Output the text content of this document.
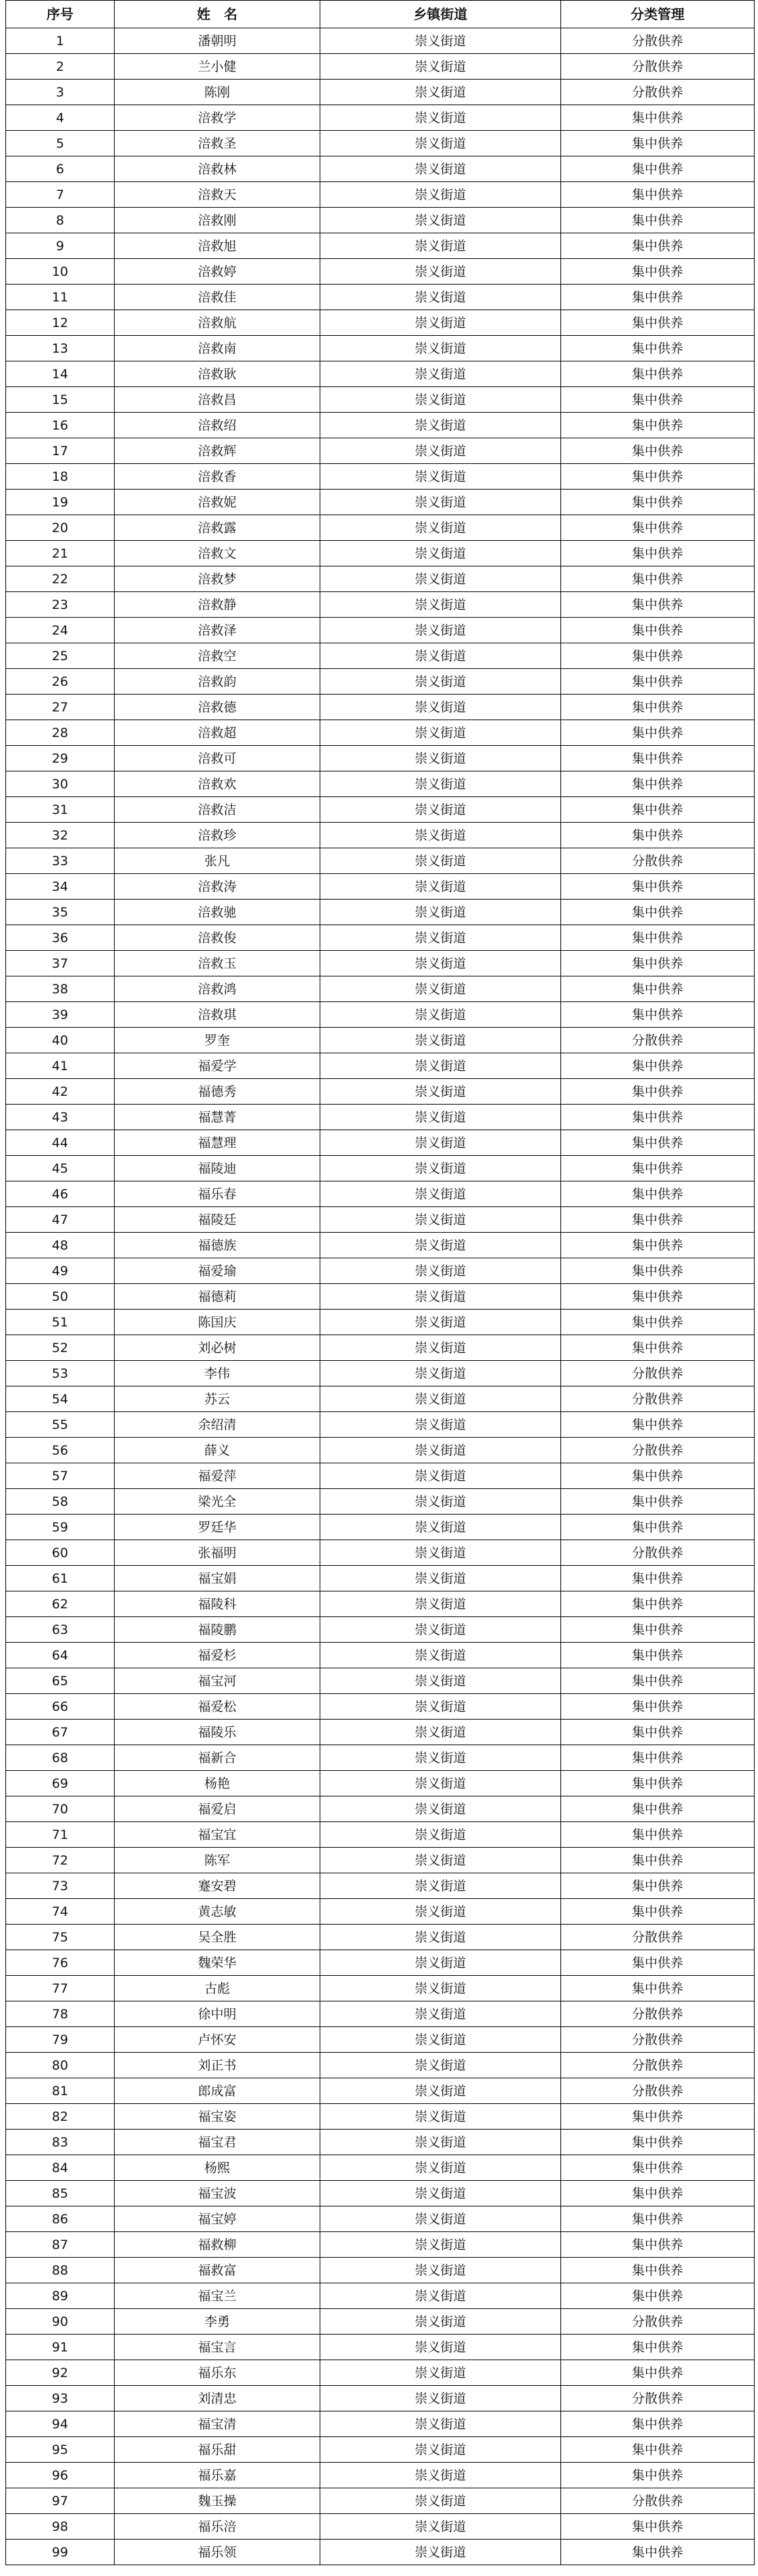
序号	姓　名	乡镇街道	分类管理
1	潘朝明	崇义街道	分散供养
2	兰小健	崇义街道	分散供养
3	陈刚	崇义街道	分散供养
4	涪救学	崇义街道	集中供养
5	涪救圣	崇义街道	集中供养
6	涪救林	崇义街道	集中供养
7	涪救天	崇义街道	集中供养
8	涪救刚	崇义街道	集中供养
9	涪救旭	崇义街道	集中供养
10	涪救婷	崇义街道	集中供养
11	涪救佳	崇义街道	集中供养
12	涪救航	崇义街道	集中供养
13	涪救南	崇义街道	集中供养
14	涪救耿	崇义街道	集中供养
15	涪救昌	崇义街道	集中供养
16	涪救绍	崇义街道	集中供养
17	涪救辉	崇义街道	集中供养
18	涪救香	崇义街道	集中供养
19	涪救妮	崇义街道	集中供养
20	涪救露	崇义街道	集中供养
21	涪救文	崇义街道	集中供养
22	涪救梦	崇义街道	集中供养
23	涪救静	崇义街道	集中供养
24	涪救泽	崇义街道	集中供养
25	涪救空	崇义街道	集中供养
26	涪救韵	崇义街道	集中供养
27	涪救德	崇义街道	集中供养
28	涪救超	崇义街道	集中供养
29	涪救可	崇义街道	集中供养
30	涪救欢	崇义街道	集中供养
31	涪救洁	崇义街道	集中供养
32	涪救珍	崇义街道	集中供养
33	张凡	崇义街道	分散供养
34	涪救涛	崇义街道	集中供养
35	涪救驰	崇义街道	集中供养
36	涪救俊	崇义街道	集中供养
37	涪救玉	崇义街道	集中供养
38	涪救鸿	崇义街道	集中供养
39	涪救琪	崇义街道	集中供养
40	罗奎	崇义街道	分散供养
41	福爱学	崇义街道	集中供养
42	福德秀	崇义街道	集中供养
43	福慧菁	崇义街道	集中供养
44	福慧理	崇义街道	集中供养
45	福陵迪	崇义街道	集中供养
46	福乐春	崇义街道	集中供养
47	福陵廷	崇义街道	集中供养
48	福德族	崇义街道	集中供养
49	福爱瑜	崇义街道	集中供养
50	福德莉	崇义街道	集中供养
51	陈国庆	崇义街道	集中供养
52	刘必树	崇义街道	集中供养
53	李伟	崇义街道	分散供养
54	苏云	崇义街道	分散供养
55	余绍清	崇义街道	集中供养
56	薛义	崇义街道	分散供养
57	福爱萍	崇义街道	集中供养
58	梁光全	崇义街道	集中供养
59	罗廷华	崇义街道	集中供养
60	张福明	崇义街道	分散供养
61	福宝娟	崇义街道	集中供养
62	福陵科	崇义街道	集中供养
63	福陵鹏	崇义街道	集中供养
64	福爱杉	崇义街道	集中供养
65	福宝河	崇义街道	集中供养
66	福爱松	崇义街道	集中供养
67	福陵乐	崇义街道	集中供养
68	福新合	崇义街道	集中供养
69	杨艳	崇义街道	集中供养
70	福爱启	崇义街道	集中供养
71	福宝宜	崇义街道	集中供养
72	陈军	崇义街道	集中供养
73	蹇安碧	崇义街道	集中供养
74	黄志敏	崇义街道	集中供养
75	吴全胜	崇义街道	分散供养
76	魏荣华	崇义街道	集中供养
77	古彪	崇义街道	集中供养
78	徐中明	崇义街道	分散供养
79	卢怀安	崇义街道	分散供养
80	刘正书	崇义街道	分散供养
81	郎成富	崇义街道	分散供养
82	福宝姿	崇义街道	集中供养
83	福宝君	崇义街道	集中供养
84	杨熙	崇义街道	集中供养
85	福宝波	崇义街道	集中供养
86	福宝婷	崇义街道	集中供养
87	福救柳	崇义街道	集中供养
88	福救富	崇义街道	集中供养
89	福宝兰	崇义街道	集中供养
90	李勇	崇义街道	分散供养
91	福宝言	崇义街道	集中供养
92	福乐东	崇义街道	集中供养
93	刘清忠	崇义街道	分散供养
94	福宝清	崇义街道	集中供养
95	福乐甜	崇义街道	集中供养
96	福乐嘉	崇义街道	集中供养
97	魏玉操	崇义街道	分散供养
98	福乐涪	崇义街道	集中供养
99	福乐领	崇义街道	集中供养
